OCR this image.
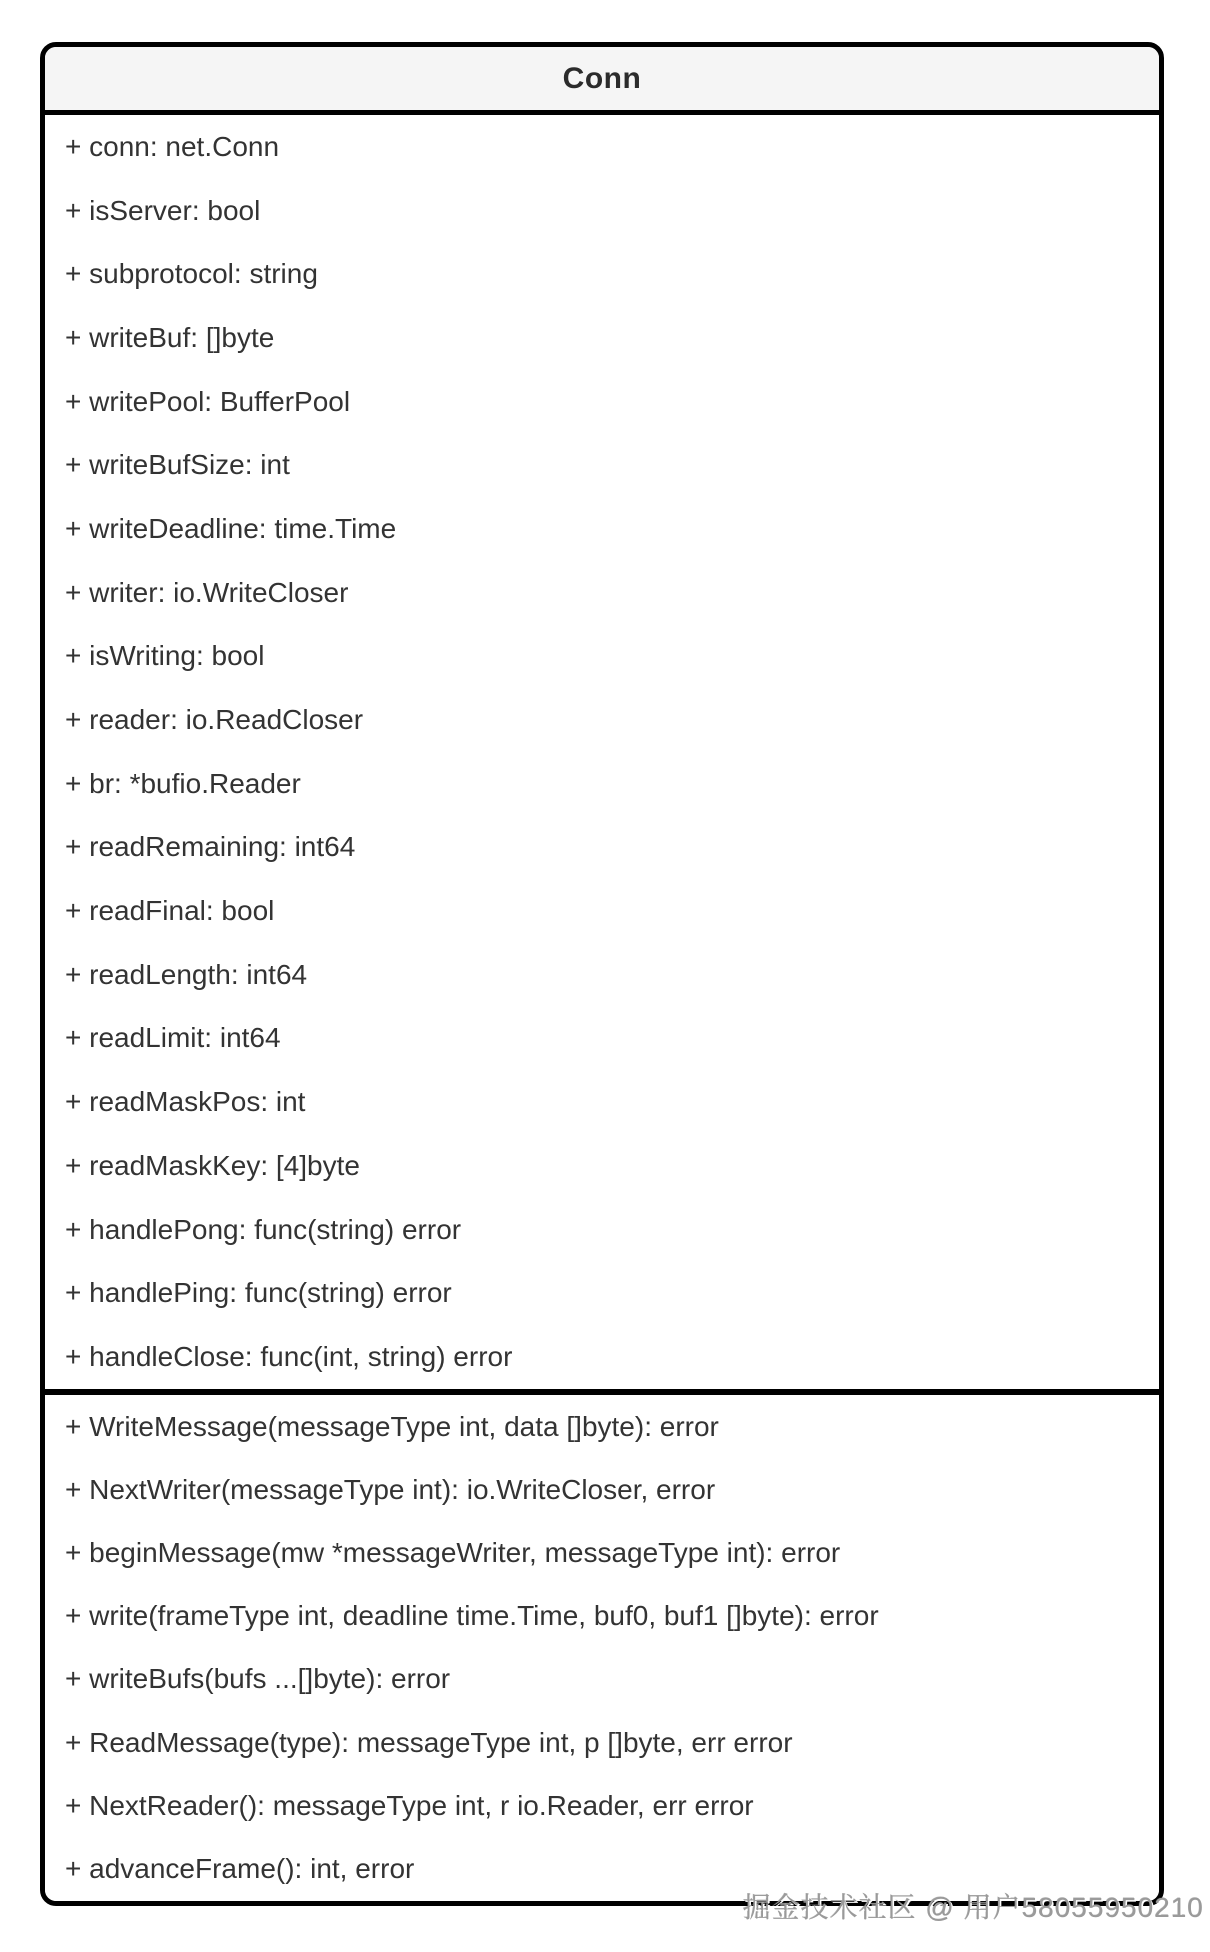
Conn
+ conn: net.Conn
+ isServer: bool
+ subprotocol: string
+ writeBuf: []byte
+ writePool: BufferPool
+ writeBufSize: int
+ writeDeadline: time.Time
+ writer: io.WriteCloser
+ isWriting: bool
+ reader: io.ReadCloser
+ br: *bufio.Reader
+ readRemaining: int64
+ readFinal: bool
+ readLength: int64
+ readLimit: int64
+ readMaskPos: int
+ readMaskKey: [4]byte
+ handlePong: func(string) error
+ handlePing: func(string) error
+ handleClose: func(int, string) error
+ WriteMessage(messageType int, data []byte): error
+ NextWriter(messageType int): io.WriteCloser, error
+ beginMessage(mw *messageWriter, messageType int): error
+ write(frameType int, deadline time.Time, buf0, buf1 []byte): error
+ writeBufs(bufs ...[]byte): error
+ ReadMessage(type): messageType int, p []byte, err error
+ NextReader(): messageType int, r io.Reader, err error
+ advanceFrame(): int, error
掘金技术社区 @ 用户58055950210
